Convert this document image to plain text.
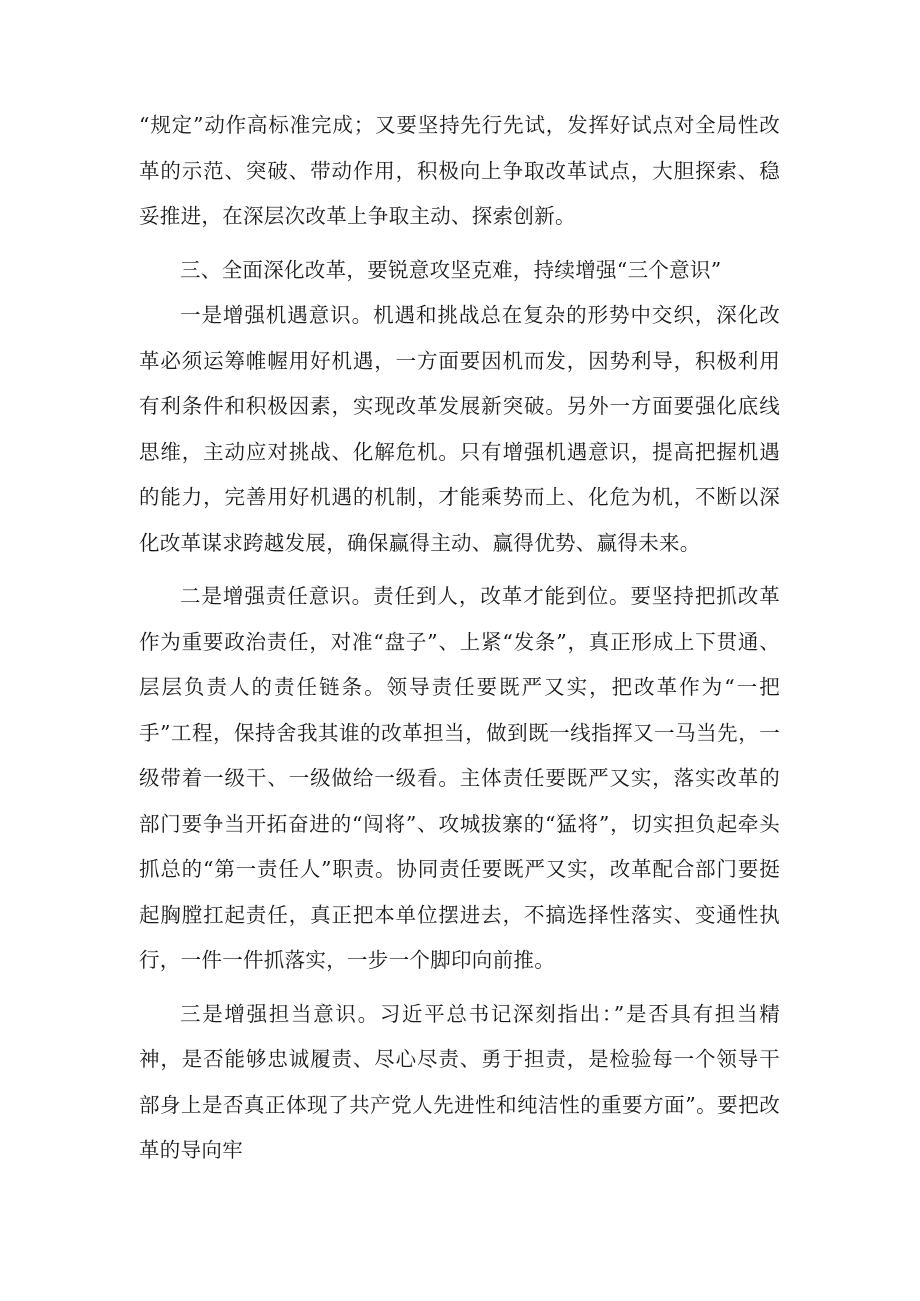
“规定”动作高标准完成；又要坚持先行先试，发挥好试点对全局性改革的示范、突破、带动作用，积极向上争取改革试点，大胆探索、稳妥推进，在深层次改革上争取主动、探索创新。

三、全面深化改革，要锐意攻坚克难，持续增强“三个意识”

一是增强机遇意识。机遇和挑战总在复杂的形势中交织，深化改革必须运筹帷幄用好机遇，一方面要因机而发，因势利导，积极利用有利条件和积极因素，实现改革发展新突破。另外一方面要强化底线思维，主动应对挑战、化解危机。只有增强机遇意识，提高把握机遇的能力，完善用好机遇的机制，才能乘势而上、化危为机，不断以深化改革谋求跨越发展，确保赢得主动、赢得优势、赢得未来。

二是增强责任意识。责任到人，改革才能到位。要坚持把抓改革作为重要政治责任，对准“盘子”、上紧“发条”，真正形成上下贯通、层层负责人的责任链条。领导责任要既严又实，把改革作为“一把手”工程，保持舍我其谁的改革担当，做到既一线指挥又一马当先，一级带着一级干、一级做给一级看。主体责任要既严又实，落实改革的部门要争当开拓奋进的“闯将”、攻城拔寨的“猛将”，切实担负起牵头抓总的“第一责任人”职责。协同责任要既严又实，改革配合部门要挺起胸膛扛起责任，真正把本单位摆进去，不搞选择性落实、变通性执行，一件一件抓落实，一步一个脚印向前推。

三是增强担当意识。习近平总书记深刻指出：”是否具有担当精神，是否能够忠诚履责、尽心尽责、勇于担责，是检验每一个领导干部身上是否真正体现了共产党人先进性和纯洁性的重要方面”。要把改革的导向牢
